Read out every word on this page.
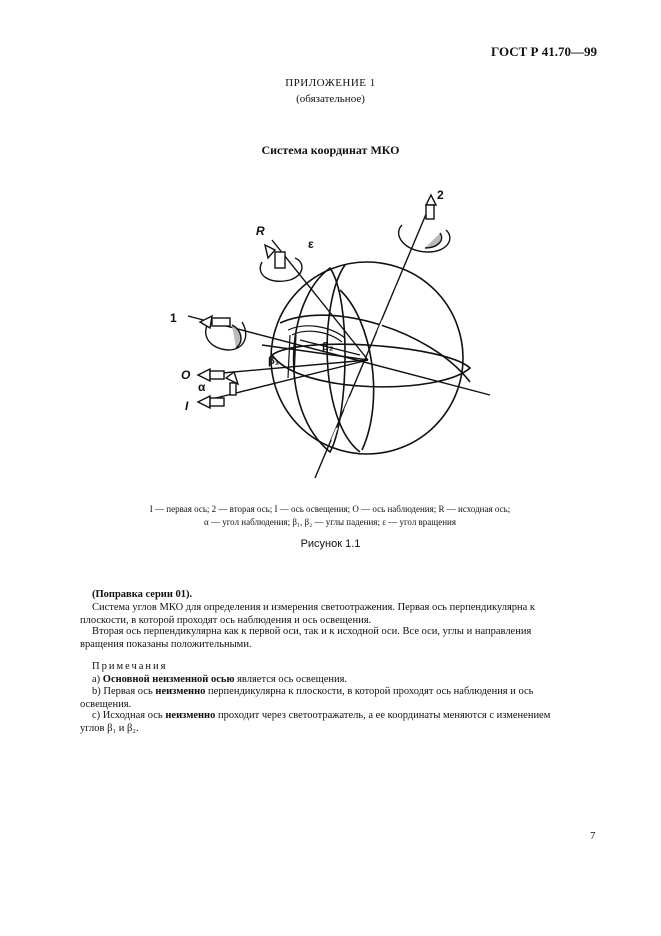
ГОСТ Р 41.70—99
ПРИЛОЖЕНИЕ 1
(обязательное)
Система координат МКО
2
1
R
ε
O
α
I
β₁
β₂
I — первая ось; 2 — вторая ось; I — ось освещения; O — ось наблюдения; R — исходная ось;
α — угол наблюдения; β₁, β₂ — углы падения; ε — угол вращения
Рисунок 1.1
(Поправка серии 01).
Система углов МКО для определения и измерения светоотражения. Первая ось перпендикулярна к
плоскости, в которой проходят ось наблюдения и ось освещения.
Вторая ось перпендикулярна как к первой оси, так и к исходной оси. Все оси, углы и направления
вращения показаны положительными.
Примечания
а) Основной неизменной осью является ось освещения.
b) Первая ось неизменно перпендикулярна к плоскости, в которой проходят ось наблюдения и ось
освещения.
с) Исходная ось неизменно проходит через светоотражатель, а ее координаты меняются с изменением
углов β₁ и β₂.
7
